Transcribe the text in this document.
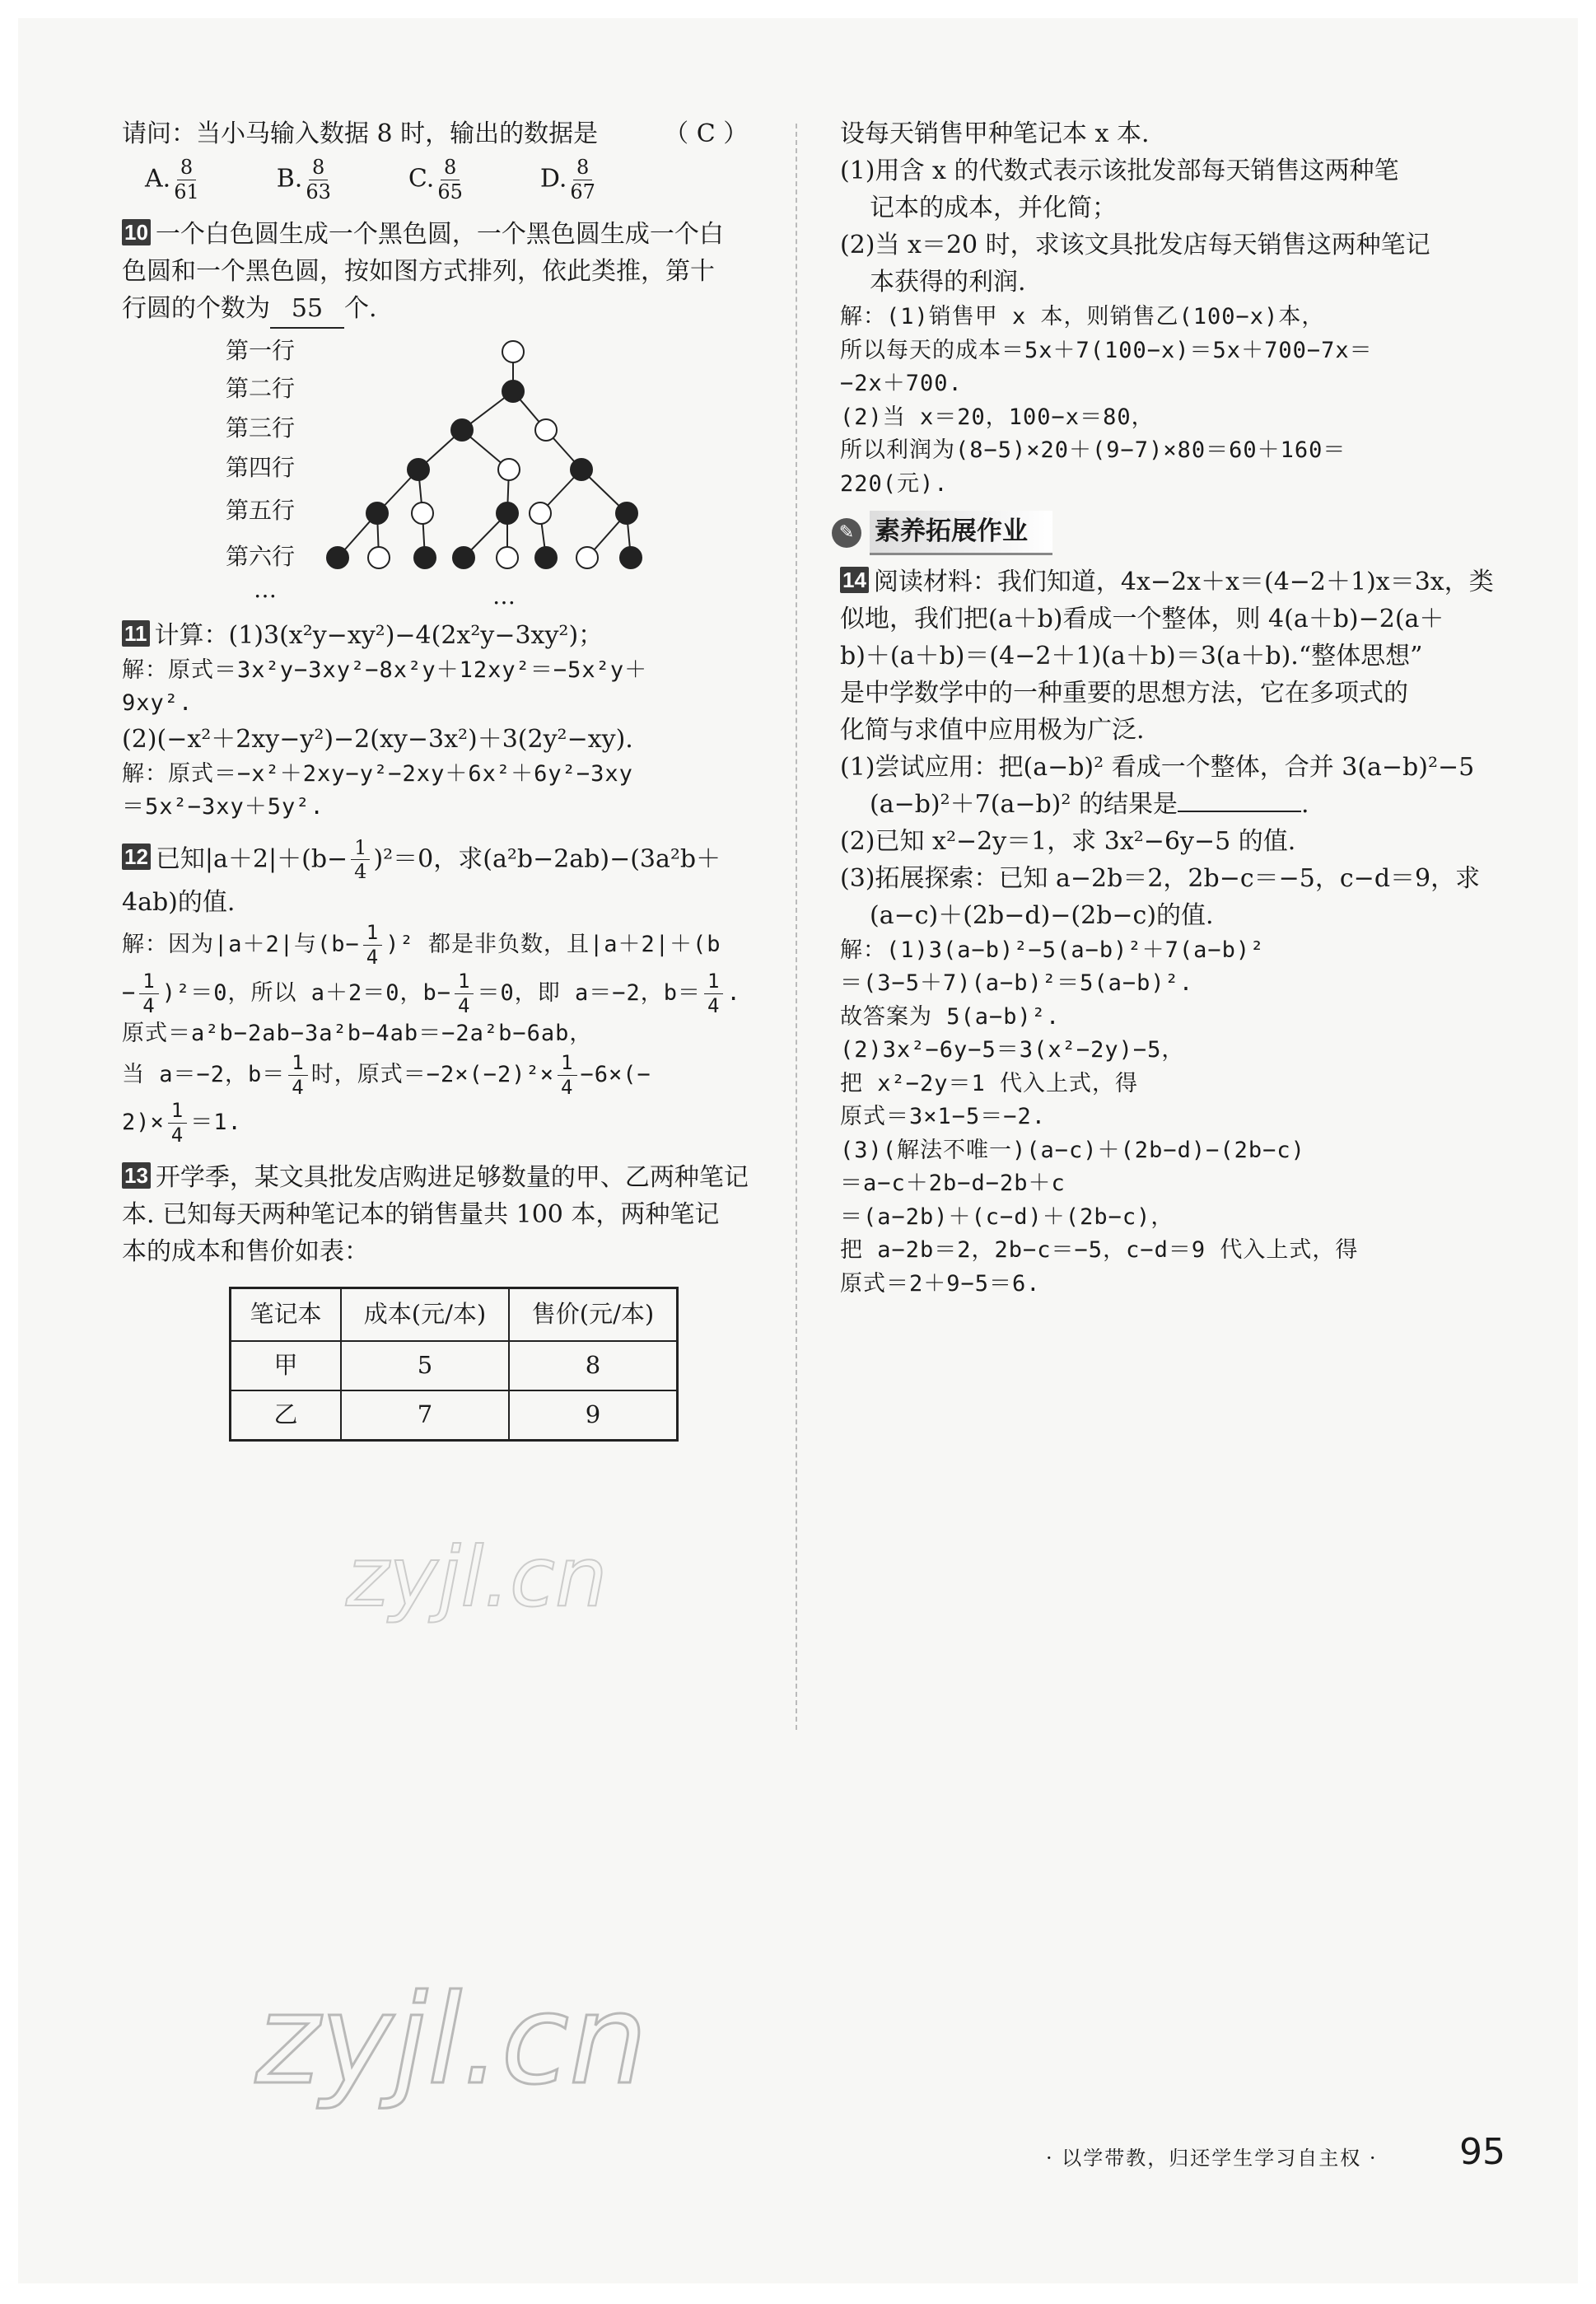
请问：当小马输入数据 8 时，输出的数据是	（ C ）

A. $\frac{8}{61}$	B. $\frac{8}{63}$	C. $\frac{8}{65}$	D. $\frac{8}{67}$

10 一个白色圆生成一个黑色圆，一个黑色圆生成一个白

色圆和一个黑色圆，按如图方式排列，依此类推，第十

行圆的个数为 55 个.

第一行
第二行
第三行
第四行
第五行
第六行
…	…

11 计算：(1)3(x²y−xy²)−4(2x²y−3xy²)；

解：原式＝3x²y−3xy²−8x²y＋12xy²＝−5x²y＋

9xy².

(2)(−x²＋2xy−y²)−2(xy−3x²)＋3(2y²−xy).

解：原式＝−x²＋2xy−y²−2xy＋6x²＋6y²−3xy

＝5x²−3xy＋5y².

12 已知$|a+2|+(b- \frac{1}{4} )^2=0$，求(a²b−2ab)−(3a²b＋

4ab)的值.

解：因为|a＋2|与$(b- \frac{1}{4} )^2$ 都是非负数，且|a＋2|＋(b

− $\frac{1}{4} )^2=0$，所以 a＋2＝0，$b- \frac{1}{4} =0$，即 a＝−2，$b= \frac{1}{4}$ .

原式＝a²b−2ab−3a²b−4ab＝−2a²b−6ab，

当 a＝−2，$b= \frac{1}{4}$ 时，原式$=-2\times(-2)^2\times \frac{1}{4} -6\times(-$

$2)\times \frac{1}{4} =1$.

13 开学季，某文具批发店购进足够数量的甲、乙两种笔记

本. 已知每天两种笔记本的销售量共 100 本，两种笔记

本的成本和售价如表：

笔记本	成本(元/本)	售价(元/本)
甲	5	8
乙	7	9

设每天销售甲种笔记本 x 本.

(1)用含 x 的代数式表示该批发部每天销售这两种笔

记本的成本，并化简；

(2)当 x＝20 时，求该文具批发店每天销售这两种笔记

本获得的利润.

解：(1)销售甲 x 本，则销售乙(100−x)本，

所以每天的成本＝5x＋7(100−x)＝5x＋700−7x＝

−2x＋700.

(2)当 x＝20，100−x＝80，

所以利润为(8−5)×20＋(9−7)×80＝60＋160＝

220(元).

✎ 素养拓展作业

14 阅读材料：我们知道，4x−2x＋x＝(4−2＋1)x＝3x，类

似地，我们把(a＋b)看成一个整体，则 4(a＋b)−2(a＋

b)＋(a＋b)＝(4−2＋1)(a＋b)＝3(a＋b).“整体思想”

是中学数学中的一种重要的思想方法，它在多项式的

化简与求值中应用极为广泛.

(1)尝试应用：把(a−b)² 看成一个整体，合并 3(a−b)²−5

(a−b)²＋7(a−b)² 的结果是	.

(2)已知 x²−2y＝1，求 3x²−6y−5 的值.

(3)拓展探索：已知 a−2b＝2，2b−c＝−5，c−d＝9，求

(a−c)＋(2b−d)−(2b−c)的值.

解：(1)3(a−b)²−5(a−b)²＋7(a−b)²

＝(3−5＋7)(a−b)²＝5(a−b)².

故答案为 5(a−b)².

(2)3x²−6y−5＝3(x²−2y)−5，

把 x²−2y＝1 代入上式，得

原式＝3×1−5＝−2.

(3)(解法不唯一)(a−c)＋(2b−d)−(2b−c)

＝a−c＋2b−d−2b＋c

＝(a−2b)＋(c−d)＋(2b−c)，

把 a−2b＝2，2b−c＝−5，c−d＝9 代入上式，得

原式＝2＋9−5＝6.

zyjl.cn
zyjl.cn
· 以学带教，归还学生学习自主权 · 95
